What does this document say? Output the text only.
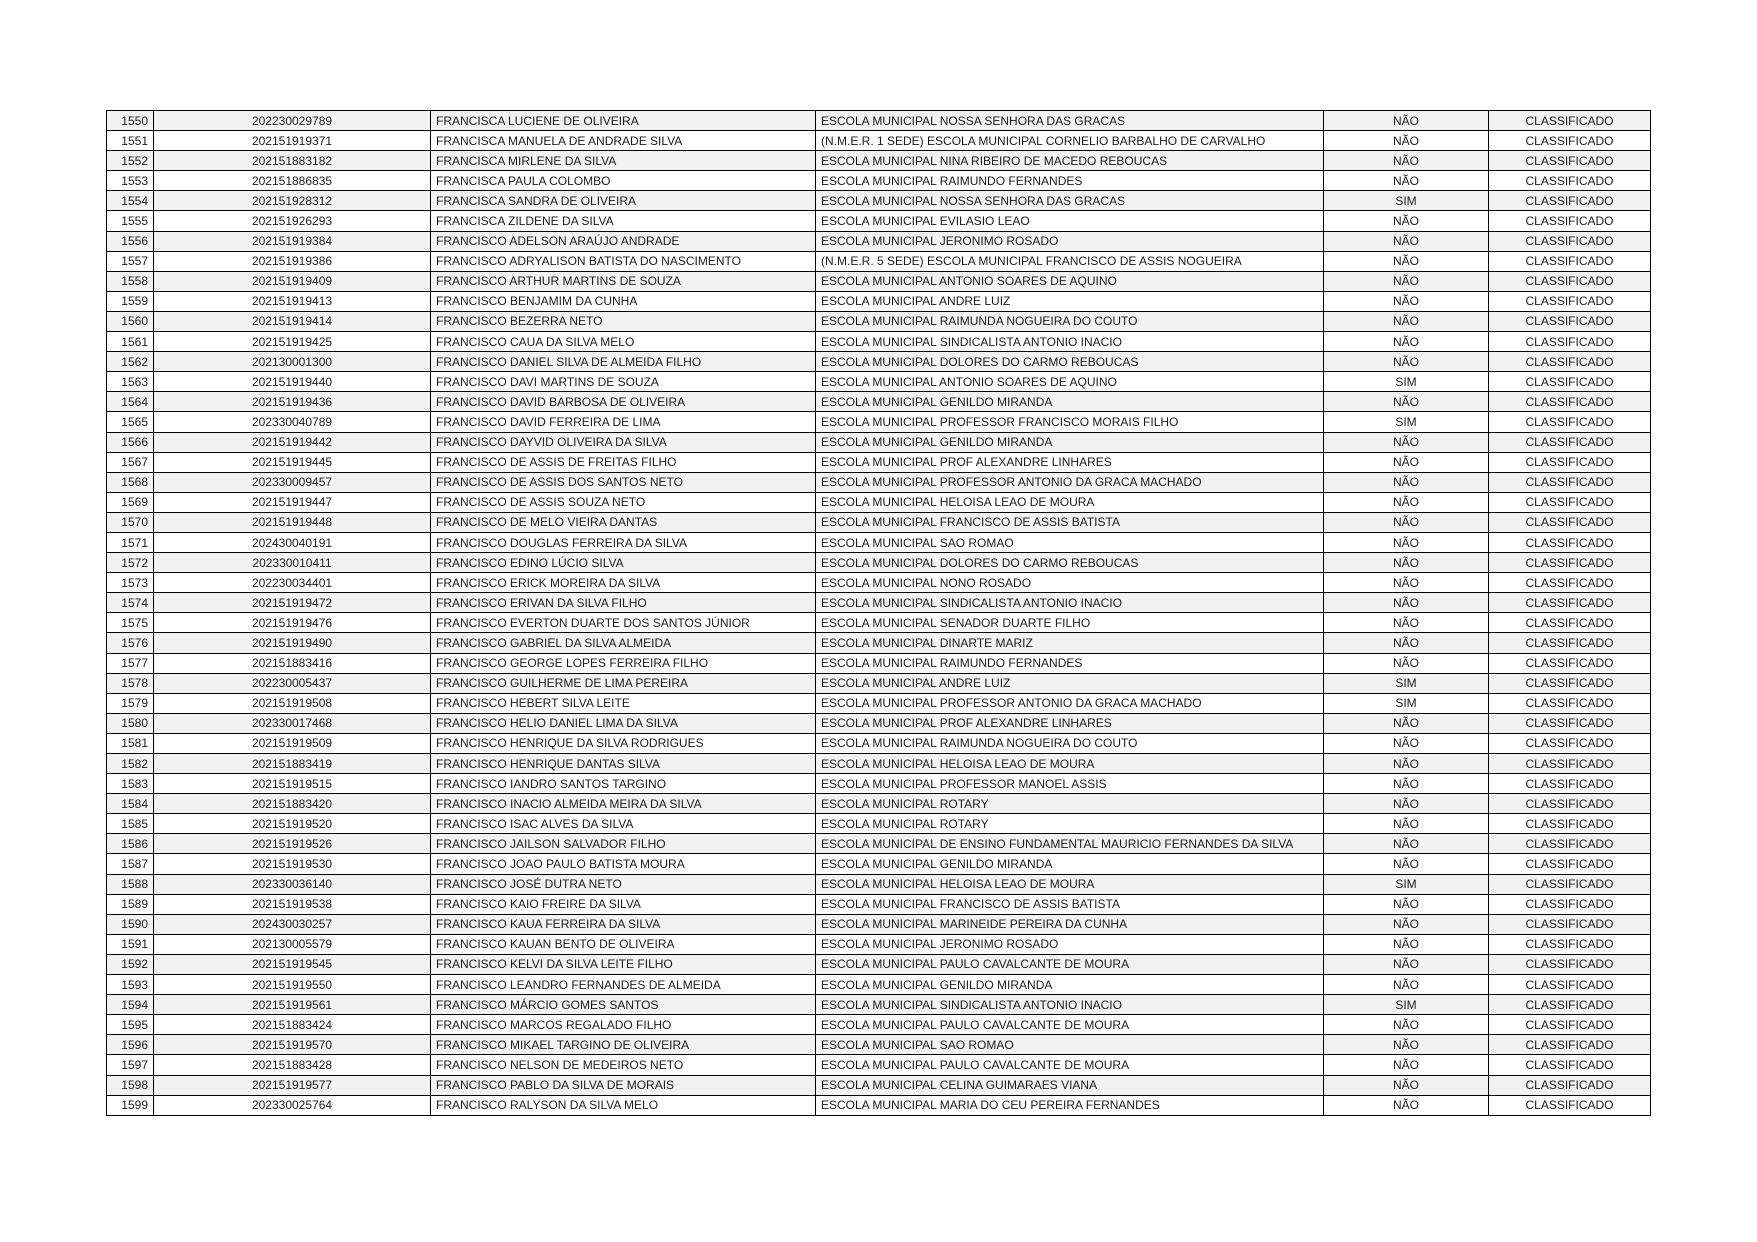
1550	202230029789	FRANCISCA LUCIENE DE OLIVEIRA	ESCOLA MUNICIPAL NOSSA SENHORA DAS GRACAS	NÃO	CLASSIFICADO
1551	202151919371	FRANCISCA MANUELA DE ANDRADE SILVA	(N.M.E.R. 1 SEDE) ESCOLA MUNICIPAL CORNELIO BARBALHO DE CARVALHO	NÃO	CLASSIFICADO
1552	202151883182	FRANCISCA MIRLENE DA SILVA	ESCOLA MUNICIPAL NINA RIBEIRO DE MACEDO REBOUCAS	NÃO	CLASSIFICADO
1553	202151886835	FRANCISCA PAULA COLOMBO	ESCOLA MUNICIPAL RAIMUNDO FERNANDES	NÃO	CLASSIFICADO
1554	202151928312	FRANCISCA SANDRA DE OLIVEIRA	ESCOLA MUNICIPAL NOSSA SENHORA DAS GRACAS	SIM	CLASSIFICADO
1555	202151926293	FRANCISCA ZILDENE DA SILVA	ESCOLA MUNICIPAL EVILASIO LEAO	NÃO	CLASSIFICADO
1556	202151919384	FRANCISCO ADELSON ARAÚJO ANDRADE	ESCOLA MUNICIPAL JERONIMO ROSADO	NÃO	CLASSIFICADO
1557	202151919386	FRANCISCO ADRYALISON BATISTA DO NASCIMENTO	(N.M.E.R. 5 SEDE) ESCOLA MUNICIPAL FRANCISCO DE ASSIS NOGUEIRA	NÃO	CLASSIFICADO
1558	202151919409	FRANCISCO ARTHUR MARTINS DE SOUZA	ESCOLA MUNICIPAL ANTONIO SOARES DE AQUINO	NÃO	CLASSIFICADO
1559	202151919413	FRANCISCO BENJAMIM DA CUNHA	ESCOLA MUNICIPAL ANDRE LUIZ	NÃO	CLASSIFICADO
1560	202151919414	FRANCISCO BEZERRA NETO	ESCOLA MUNICIPAL RAIMUNDA NOGUEIRA DO COUTO	NÃO	CLASSIFICADO
1561	202151919425	FRANCISCO CAUA DA SILVA MELO	ESCOLA MUNICIPAL SINDICALISTA ANTONIO INACIO	NÃO	CLASSIFICADO
1562	202130001300	FRANCISCO DANIEL SILVA DE ALMEIDA FILHO	ESCOLA MUNICIPAL DOLORES DO CARMO REBOUCAS	NÃO	CLASSIFICADO
1563	202151919440	FRANCISCO DAVI MARTINS DE SOUZA	ESCOLA MUNICIPAL ANTONIO SOARES DE AQUINO	SIM	CLASSIFICADO
1564	202151919436	FRANCISCO DAVID BARBOSA DE OLIVEIRA	ESCOLA MUNICIPAL GENILDO MIRANDA	NÃO	CLASSIFICADO
1565	202330040789	FRANCISCO DAVID FERREIRA DE LIMA	ESCOLA MUNICIPAL PROFESSOR FRANCISCO MORAIS FILHO	SIM	CLASSIFICADO
1566	202151919442	FRANCISCO DAYVID OLIVEIRA DA SILVA	ESCOLA MUNICIPAL GENILDO MIRANDA	NÃO	CLASSIFICADO
1567	202151919445	FRANCISCO DE ASSIS DE FREITAS FILHO	ESCOLA MUNICIPAL PROF ALEXANDRE LINHARES	NÃO	CLASSIFICADO
1568	202330009457	FRANCISCO DE ASSIS DOS SANTOS NETO	ESCOLA MUNICIPAL PROFESSOR ANTONIO DA GRACA MACHADO	NÃO	CLASSIFICADO
1569	202151919447	FRANCISCO DE ASSIS SOUZA NETO	ESCOLA MUNICIPAL HELOISA LEAO DE MOURA	NÃO	CLASSIFICADO
1570	202151919448	FRANCISCO DE MELO VIEIRA DANTAS	ESCOLA MUNICIPAL FRANCISCO DE ASSIS BATISTA	NÃO	CLASSIFICADO
1571	202430040191	FRANCISCO DOUGLAS FERREIRA DA SILVA	ESCOLA MUNICIPAL SAO ROMAO	NÃO	CLASSIFICADO
1572	202330010411	FRANCISCO EDINO LÚCIO SILVA	ESCOLA MUNICIPAL DOLORES DO CARMO REBOUCAS	NÃO	CLASSIFICADO
1573	202230034401	FRANCISCO ERICK MOREIRA DA SILVA	ESCOLA MUNICIPAL NONO ROSADO	NÃO	CLASSIFICADO
1574	202151919472	FRANCISCO ERIVAN DA SILVA FILHO	ESCOLA MUNICIPAL SINDICALISTA ANTONIO INACIO	NÃO	CLASSIFICADO
1575	202151919476	FRANCISCO EVERTON DUARTE DOS SANTOS JÚNIOR	ESCOLA MUNICIPAL SENADOR DUARTE FILHO	NÃO	CLASSIFICADO
1576	202151919490	FRANCISCO GABRIEL DA SILVA ALMEIDA	ESCOLA MUNICIPAL DINARTE MARIZ	NÃO	CLASSIFICADO
1577	202151883416	FRANCISCO GEORGE LOPES FERREIRA FILHO	ESCOLA MUNICIPAL RAIMUNDO FERNANDES	NÃO	CLASSIFICADO
1578	202230005437	FRANCISCO GUILHERME DE LIMA PEREIRA	ESCOLA MUNICIPAL ANDRE LUIZ	SIM	CLASSIFICADO
1579	202151919508	FRANCISCO HEBERT SILVA LEITE	ESCOLA MUNICIPAL PROFESSOR ANTONIO DA GRACA MACHADO	SIM	CLASSIFICADO
1580	202330017468	FRANCISCO HELIO DANIEL LIMA DA SILVA	ESCOLA MUNICIPAL PROF ALEXANDRE LINHARES	NÃO	CLASSIFICADO
1581	202151919509	FRANCISCO HENRIQUE DA SILVA RODRIGUES	ESCOLA MUNICIPAL RAIMUNDA NOGUEIRA DO COUTO	NÃO	CLASSIFICADO
1582	202151883419	FRANCISCO HENRIQUE DANTAS SILVA	ESCOLA MUNICIPAL HELOISA LEAO DE MOURA	NÃO	CLASSIFICADO
1583	202151919515	FRANCISCO IANDRO SANTOS TARGINO	ESCOLA MUNICIPAL PROFESSOR MANOEL ASSIS	NÃO	CLASSIFICADO
1584	202151883420	FRANCISCO INACIO ALMEIDA MEIRA DA SILVA	ESCOLA MUNICIPAL ROTARY	NÃO	CLASSIFICADO
1585	202151919520	FRANCISCO ISAC ALVES DA SILVA	ESCOLA MUNICIPAL ROTARY	NÃO	CLASSIFICADO
1586	202151919526	FRANCISCO JAILSON SALVADOR FILHO	ESCOLA MUNICIPAL DE ENSINO FUNDAMENTAL MAURICIO FERNANDES DA SILVA	NÃO	CLASSIFICADO
1587	202151919530	FRANCISCO JOAO PAULO BATISTA MOURA	ESCOLA MUNICIPAL GENILDO MIRANDA	NÃO	CLASSIFICADO
1588	202330036140	FRANCISCO JOSÉ DUTRA NETO	ESCOLA MUNICIPAL HELOISA LEAO DE MOURA	SIM	CLASSIFICADO
1589	202151919538	FRANCISCO KAIO FREIRE DA SILVA	ESCOLA MUNICIPAL FRANCISCO DE ASSIS BATISTA	NÃO	CLASSIFICADO
1590	202430030257	FRANCISCO KAUA FERREIRA DA SILVA	ESCOLA MUNICIPAL MARINEIDE PEREIRA DA CUNHA	NÃO	CLASSIFICADO
1591	202130005579	FRANCISCO KAUAN BENTO DE OLIVEIRA	ESCOLA MUNICIPAL JERONIMO ROSADO	NÃO	CLASSIFICADO
1592	202151919545	FRANCISCO KELVI DA SILVA LEITE FILHO	ESCOLA MUNICIPAL PAULO CAVALCANTE DE MOURA	NÃO	CLASSIFICADO
1593	202151919550	FRANCISCO LEANDRO FERNANDES DE ALMEIDA	ESCOLA MUNICIPAL GENILDO MIRANDA	NÃO	CLASSIFICADO
1594	202151919561	FRANCISCO MÁRCIO GOMES SANTOS	ESCOLA MUNICIPAL SINDICALISTA ANTONIO INACIO	SIM	CLASSIFICADO
1595	202151883424	FRANCISCO MARCOS REGALADO FILHO	ESCOLA MUNICIPAL PAULO CAVALCANTE DE MOURA	NÃO	CLASSIFICADO
1596	202151919570	FRANCISCO MIKAEL TARGINO DE OLIVEIRA	ESCOLA MUNICIPAL SAO ROMAO	NÃO	CLASSIFICADO
1597	202151883428	FRANCISCO NELSON DE MEDEIROS NETO	ESCOLA MUNICIPAL PAULO CAVALCANTE DE MOURA	NÃO	CLASSIFICADO
1598	202151919577	FRANCISCO PABLO DA SILVA DE MORAIS	ESCOLA MUNICIPAL CELINA GUIMARAES VIANA	NÃO	CLASSIFICADO
1599	202330025764	FRANCISCO RALYSON DA SILVA MELO	ESCOLA MUNICIPAL MARIA DO CEU PEREIRA FERNANDES	NÃO	CLASSIFICADO
